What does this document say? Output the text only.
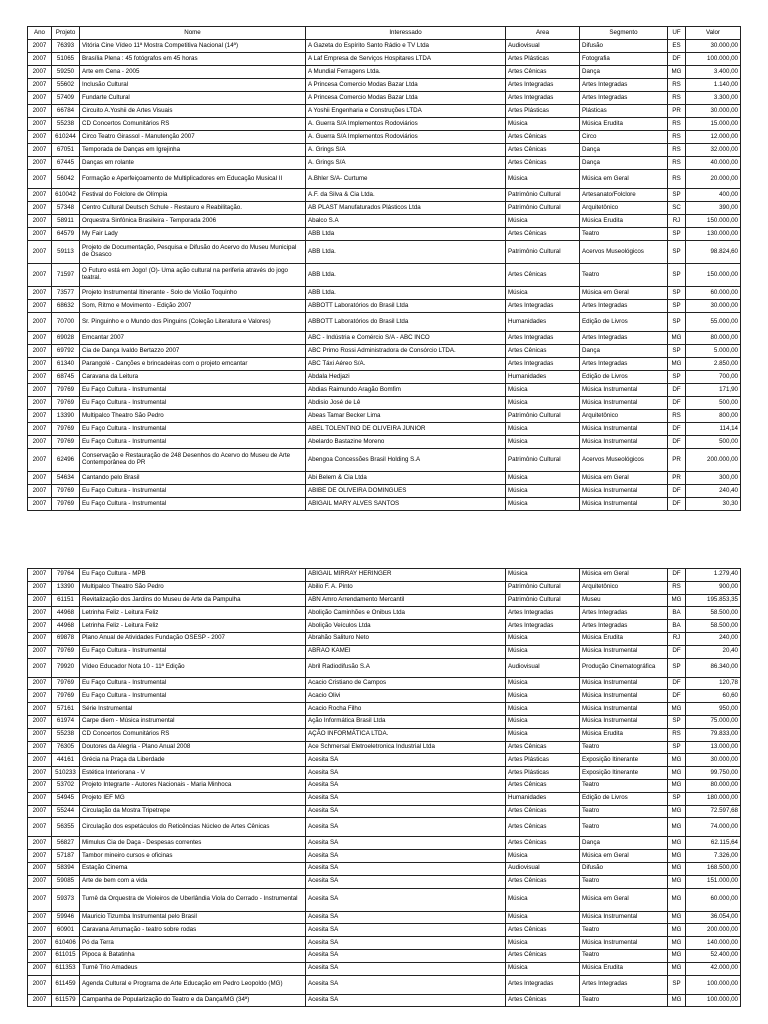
Ano	Projeto	Nome	Interessado	Area	Segmento	UF	Valor
2007	76393	Vitória Cine Vídeo 11ª Mostra Competitiva Nacional (14ª)	A Gazeta do Espírito Santo Rádio e TV Ltda	Audiovisual	Difusão	ES	30.000,00
2007	51065	Brasília Plena : 45 fotógrafos em 45 horas	A Laf Empresa de Serviços Hospitares LTDA	Artes Plásticas	Fotografia	DF	100.000,00
2007	59250	Arte em Cena - 2005	A Mundial Ferragens Ltda.	Artes Cênicas	Dança	MG	3.400,00
2007	55602	Inclusão Cultural	A Princesa Comercio Modas Bazar Ltda	Artes Integradas	Artes Integradas	RS	1.140,00
2007	57409	Fundarte Cultural	A Princesa Comercio Modas Bazar Ltda	Artes Integradas	Artes Integradas	RS	3.300,00
2007	66784	Circuito A.Yoshii de Artes Visuais	A Yoshii Engenharia e Construções LTDA	Artes Plásticas	Plásticas	PR	30.000,00
2007	55238	CD Concertos Comunitários RS	A. Guerra S/A Implementos Rodoviários	Música	Música Erudita	RS	15.000,00
2007	610244	Circo Teatro Girassol - Manutenção 2007	A. Guerra S/A Implementos Rodoviários	Artes Cênicas	Circo	RS	12.000,00
2007	67051	Temporada de Danças em Igrejinha	A. Grings S/A	Artes Cênicas	Dança	RS	32.000,00
2007	67445	Danças em rolante	A. Grings S/A	Artes Cênicas	Dança	RS	40.000,00
2007	56042	Formação e Aperfeiçoamento de Multiplicadores em Educação Musical II	A.Bhler S/A- Curtume	Música	Música em Geral	RS	20.000,00
2007	610042	Festival do Folclore de Olímpia	A.F. da Silva & Cia Ltda.	Patrimônio Cultural	Artesanato/Folclore	SP	400,00
2007	57348	Centro Cultural Deutsch Schule - Restauro e Reabilitação.	AB PLAST Manufaturados Plásticos Ltda	Patrimônio Cultural	Arquitetônico	SC	390,00
2007	58911	Orquestra Sinfônica Brasileira - Temporada 2006	Abalco S.A	Música	Música Erudita	RJ	150.000,00
2007	64579	My Fair Lady	ABB Ltda	Artes Cênicas	Teatro	SP	130.000,00
2007	59113	Projeto de Documentação, Pesquisa e Difusão do Acervo do Museu Municipal de Osasco	ABB Ltda.	Patrimônio Cultural	Acervos Museológicos	SP	98.824,60
2007	71597	O Futuro está em Jogo! (O)- Uma ação cultural na periferia através do jogo teatral.	ABB Ltda.	Artes Cênicas	Teatro	SP	150.000,00
2007	73577	Projeto Instrumental Itinerante - Solo de Violão Toquinho	ABB Ltda.	Música	Música em Geral	SP	60.000,00
2007	68632	Som, Ritmo e Movimento - Edição 2007	ABBOTT Laboratórios do Brasil Ltda	Artes Integradas	Artes Integradas	SP	30.000,00
2007	70700	Sr. Pinguinho e o Mundo dos Pinguins (Coleção Literatura e Valores)	ABBOTT Laboratórios do Brasil Ltda	Humanidades	Edição de Livros	SP	55.000,00
2007	69028	Emcantar 2007	ABC - Indústria e Comércio S/A - ABC INCO	Artes Integradas	Artes Integradas	MG	80.000,00
2007	69792	Cia de Dança Ivaldo Bertazzo 2007	ABC Primo Rossi Administradora de Consórcio LTDA.	Artes Cênicas	Dança	SP	5.000,00
2007	61340	Parangolé - Canções e brincadeiras com o projeto emcantar	ABC Táxi Aéreo S/A.	Artes Integradas	Artes Integradas	MG	2.850,00
2007	68745	Caravana da Leitura	Abdala Hedjazi	Humanidades	Edição de Livros	SP	700,00
2007	79769	Eu Faço Cultura - Instrumental	Abdias Raimundo Aragão Bomfim	Música	Música Instrumental	DF	171,90
2007	79769	Eu Faço Cultura - Instrumental	Abdisio José de Lê	Música	Música Instrumental	DF	500,00
2007	13390	Multipalco Theatro São Pedro	Abeas Tamar Becker Lima	Patrimônio Cultural	Arquitetônico	RS	800,00
2007	79769	Eu Faço Cultura - Instrumental	ABEL TOLENTINO DE OLIVEIRA JUNIOR	Música	Música Instrumental	DF	114,14
2007	79769	Eu Faço Cultura - Instrumental	Abelardo Bastazine Moreno	Música	Música Instrumental	DF	500,00
2007	62496	Conservação e Restauração de 248 Desenhos do Acervo do Museu de Arte Contemporânea do PR	Abengoa Concessões Brasil Holding S.A	Patrimônio Cultural	Acervos Museológicos	PR	200.000,00
2007	54634	Cantando pelo Brasil	Abi Belem & Cia Ltda	Música	Música em Geral	PR	300,00
2007	79769	Eu Faço Cultura - Instrumental	ABIBE DE OLIVEIRA DOMINGUES	Música	Música Instrumental	DF	240,40
2007	79769	Eu Faço Cultura - Instrumental	ABIGAIL MARY ALVES SANTOS	Música	Música Instrumental	DF	30,30
2007	79764	Eu Faço Cultura - MPB	ABIGAIL MIRRAY HERINGER	Música	Música em Geral	DF	1.279,40
2007	13390	Multipalco Theatro São Pedro	Abilio F. A. Pinto	Patrimônio Cultural	Arquitetônico	RS	900,00
2007	61151	Revitalização dos Jardins do Museu de Arte da Pampulha	ABN Amro Arrendamento Mercantil	Patrimônio Cultural	Museu	MG	195.853,35
2007	44968	Letrinha Feliz - Leitura Feliz	Abolição Caminhões e Onibus Ltda	Artes Integradas	Artes Integradas	BA	58.500,00
2007	44968	Letrinha Feliz - Leitura Feliz	Abolição Veículos Ltda	Artes Integradas	Artes Integradas	BA	58.500,00
2007	69878	Plano Anual de Atividades Fundação OSESP - 2007	Abrahão Salituro Neto	Música	Música Erudita	RJ	240,00
2007	79769	Eu Faço Cultura - Instrumental	ABRAO KAMEI	Música	Música Instrumental	DF	20,40
2007	79920	Vídeo Educador Nota 10 - 11ª Edição	Abril Radiodifusão S.A	Audiovisual	Produção Cinematográfica	SP	86.340,00
2007	79769	Eu Faço Cultura - Instrumental	Acacio Cristiano de Campos	Música	Música Instrumental	DF	120,78
2007	79769	Eu Faço Cultura - Instrumental	Acacio Olivi	Música	Música Instrumental	DF	60,60
2007	57161	Série Instrumental	Acacio Rocha Filho	Música	Música Instrumental	MG	950,00
2007	61974	Carpe diem - Música instrumental	Ação Informática Brasil Ltda	Música	Música Instrumental	SP	75.000,00
2007	55238	CD Concertos Comunitários RS	AÇÃO INFORMÁTICA LTDA.	Música	Música Erudita	RS	79.833,00
2007	76305	Doutores da Alegria - Plano Anual 2008	Ace Schmersal Eletroeletronica Industrial Ltda	Artes Cênicas	Teatro	SP	13.000,00
2007	44161	Grécia na Praça da Liberdade	Acesita SA	Artes Plásticas	Exposição Itinerante	MG	30.000,00
2007	510233	Estética Interiorana - V	Acesita SA	Artes Plásticas	Exposição Itinerante	MG	99.750,00
2007	53702	Projeto Integrarte - Autores Nacionais - Maria Minhoca	Acesita SA	Artes Cênicas	Teatro	MG	80.000,00
2007	54945	Projeto IEF MG	Acesita SA	Humanidades	Edição de Livros	SP	180.000,00
2007	55244	Circulação da Mostra Tripetrepe	Acesita SA	Artes Cênicas	Teatro	MG	72.597,68
2007	56355	Circulação dos espetáculos do Reticências Núcleo de Artes Cênicas	Acesita SA	Artes Cênicas	Teatro	MG	74.000,00
2007	56827	Mimulus Cia de Daça - Despesas correntes	Acesita SA	Artes Cênicas	Dança	MG	62.115,64
2007	57187	Tambor mineiro cursos e oficinas	Acesita SA	Música	Música em Geral	MG	7.326,00
2007	58394	Estação Cinema	Acesita SA	Audiovisual	Difusão	MG	168.500,00
2007	59085	Arte de bem com a vida	Acesita SA	Artes Cênicas	Teatro	MG	151.000,00
2007	59373	Turnê da Orquestra de Violeiros de Uberlândia Viola do Cerrado - Instrumental	Acesita SA	Música	Música em Geral	MG	60.000,00
2007	59946	Mauricio Tizumba Instrumental pelo Brasil	Acesita SA	Música	Música Instrumental	MG	36.054,00
2007	60901	Caravana Arrumação - teatro sobre rodas	Acesita SA	Artes Cênicas	Teatro	MG	200.000,00
2007	610406	Pó da Terra	Acesita SA	Música	Música Instrumental	MG	140.000,00
2007	611015	Pipoca & Batatinha	Acesita SA	Artes Cênicas	Teatro	MG	52.400,00
2007	611353	Turnê Trio Amadeus	Acesita SA	Música	Música Erudita	MG	42.000,00
2007	611459	Agenda Cultural e Programa de Arte Educação em Pedro Leopoldo (MG)	Acesita SA	Artes Integradas	Artes Integradas	SP	100.000,00
2007	611579	Campanha de Popularização do Teatro e da Dança/MG (34ª)	Acesita SA	Artes Cênicas	Teatro	MG	100.000,00
